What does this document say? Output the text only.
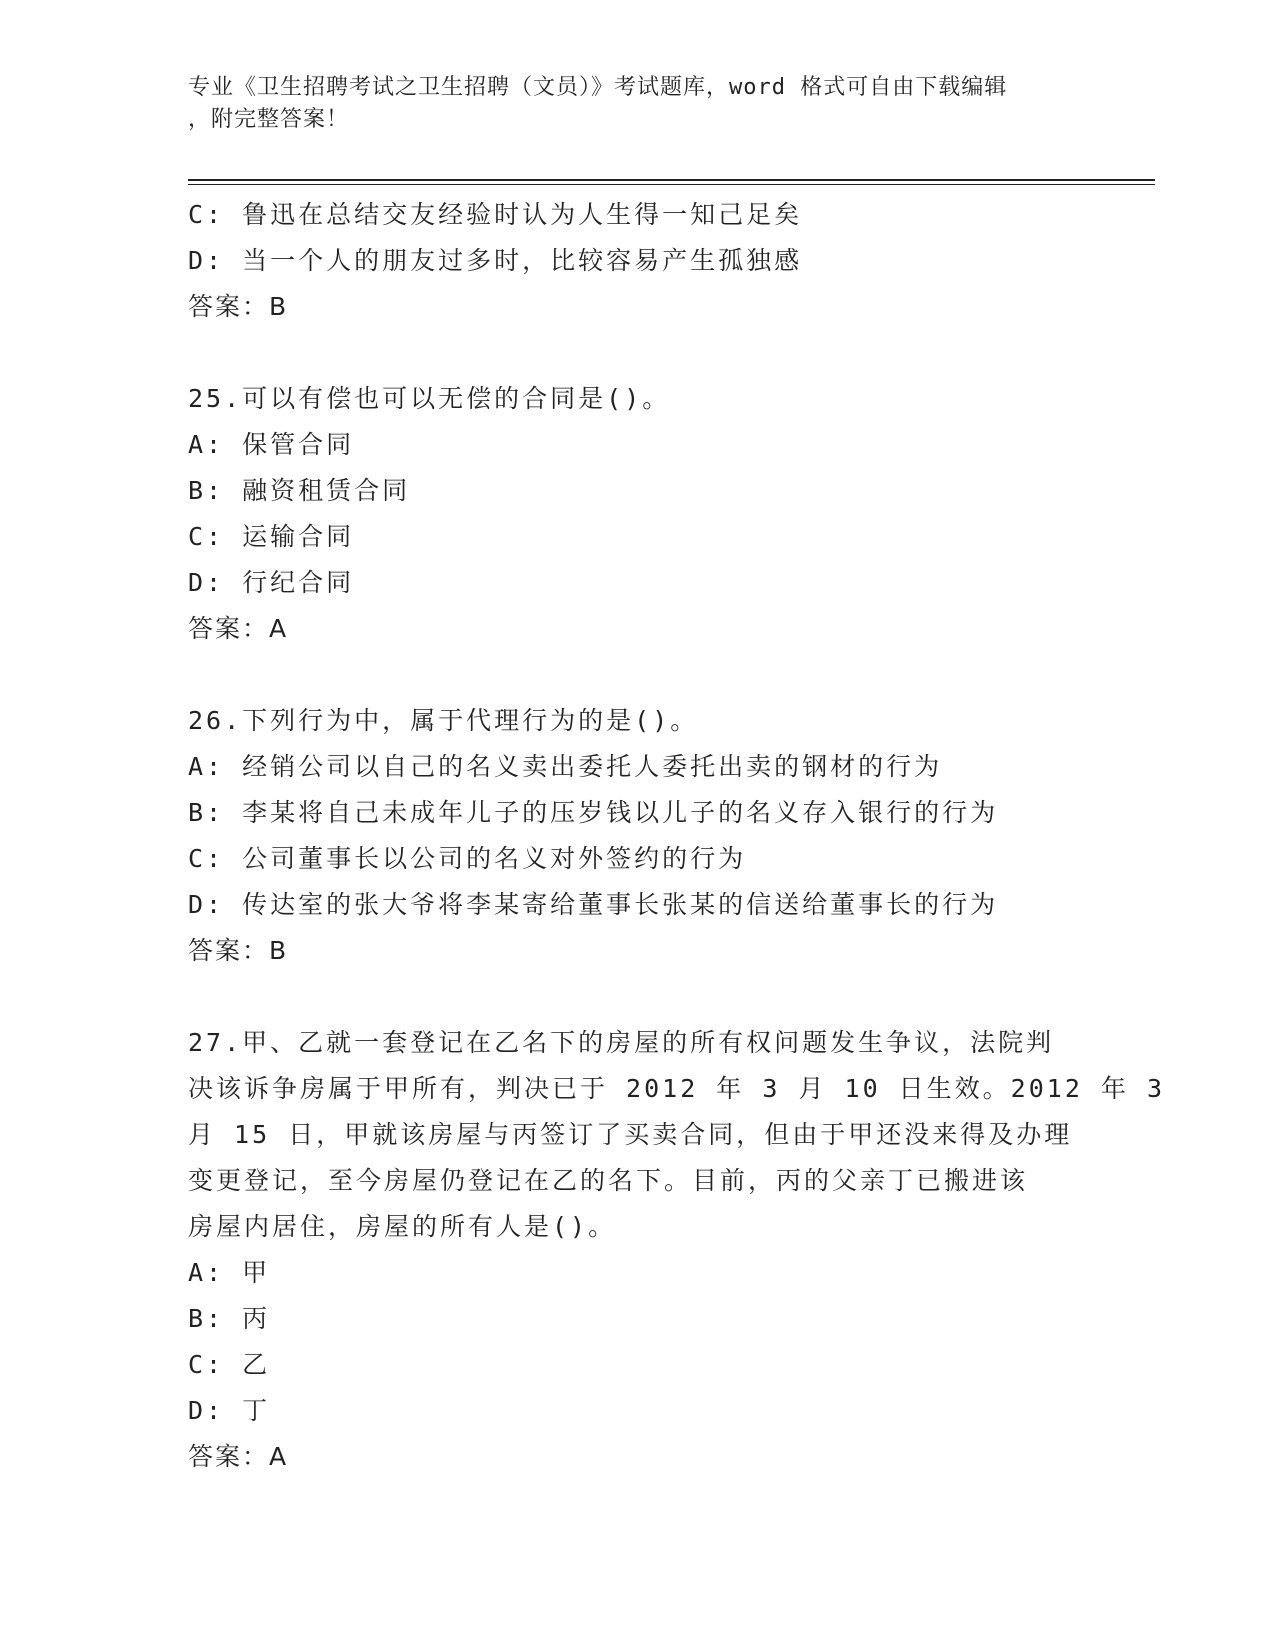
专业《卫生招聘考试之卫生招聘（文员）》考试题库，word 格式可自由下载编辑
，附完整答案！
C: 鲁迅在总结交友经验时认为人生得一知己足矣
D: 当一个人的朋友过多时，比较容易产生孤独感
答案：B
25.可以有偿也可以无偿的合同是()。
A: 保管合同
B: 融资租赁合同
C: 运输合同
D: 行纪合同
答案：A
26.下列行为中，属于代理行为的是()。
A: 经销公司以自己的名义卖出委托人委托出卖的钢材的行为
B: 李某将自己未成年儿子的压岁钱以儿子的名义存入银行的行为
C: 公司董事长以公司的名义对外签约的行为
D: 传达室的张大爷将李某寄给董事长张某的信送给董事长的行为
答案：B
27.甲、乙就一套登记在乙名下的房屋的所有权问题发生争议，法院判
决该诉争房属于甲所有，判决已于 2012 年 3 月 10 日生效。2012 年 3
月 15 日，甲就该房屋与丙签订了买卖合同，但由于甲还没来得及办理
变更登记，至今房屋仍登记在乙的名下。目前，丙的父亲丁已搬进该
房屋内居住，房屋的所有人是()。
A: 甲
B: 丙
C: 乙
D: 丁
答案：A
